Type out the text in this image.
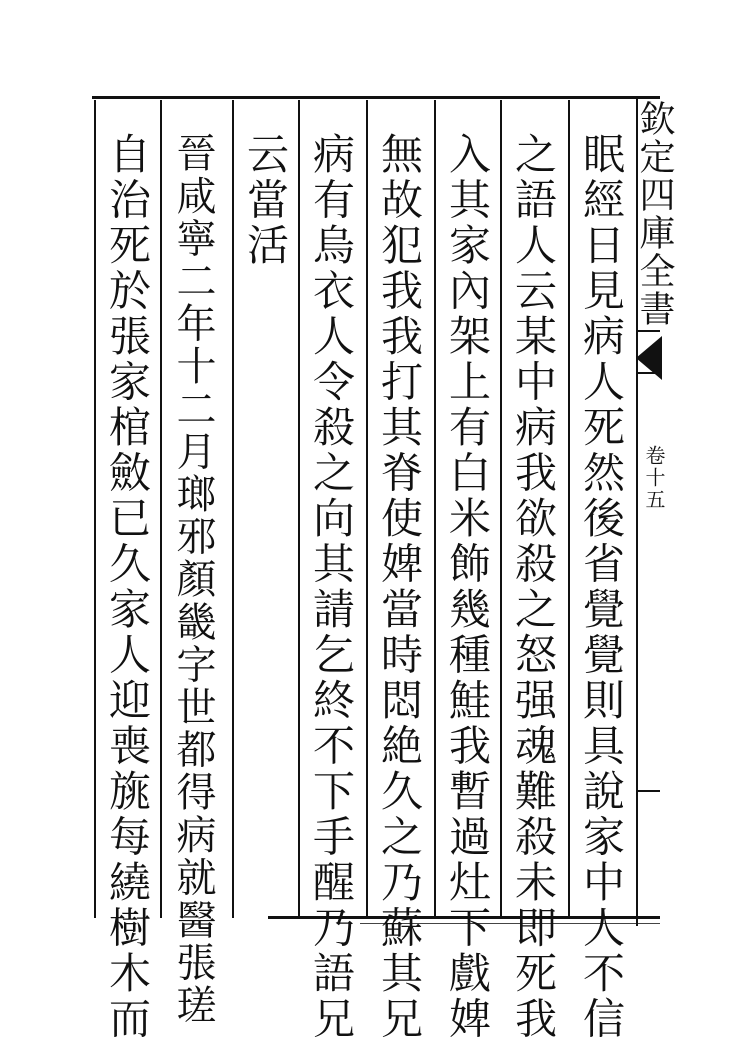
眠經日見病人死然後省覺覺則具說家中人不信
之語人云某中病我欲殺之怒强魂難殺未即死我
入其家內架上有白米飾幾種鮭我暫過灶下戲婢
無故犯我我打其脊使婢當時悶絶久之乃蘇其兄
病有烏衣人令殺之向其請乞終不下手醒乃語兄
云當活
晉咸寧二年十二月瑯邪顏畿字世都得病就醫張瑳
自治死於張家棺斂已久家人迎喪旐每繞樹木而	欽定四庫全書
卷十五
